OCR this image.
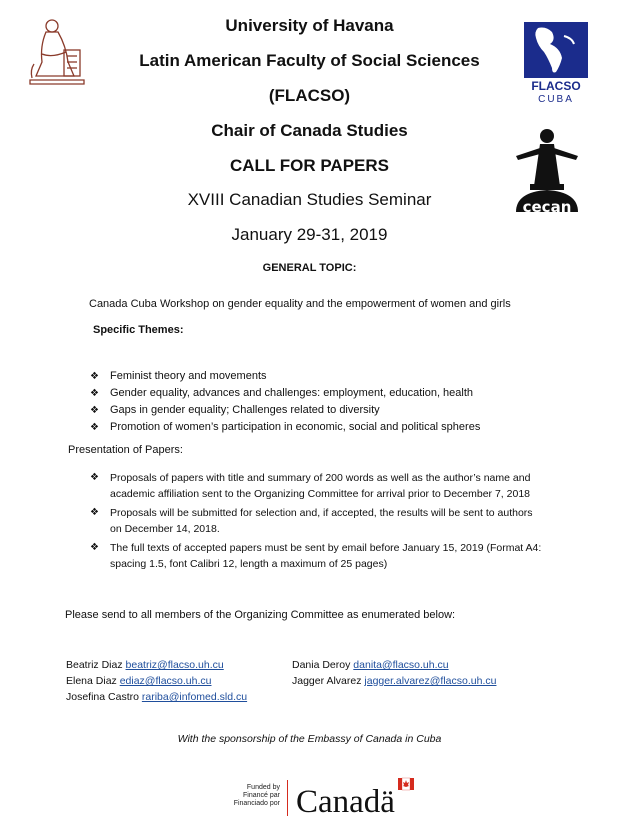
FLACSO
CUBA
cecan
University of Havana
Latin American Faculty of Social Sciences
(FLACSO)
Chair of Canada Studies
CALL FOR PAPERS
XVIII Canadian Studies Seminar
January 29-31, 2019
GENERAL TOPIC:
Canada Cuba Workshop on gender equality and the empowerment of women and girls
Specific Themes:
❖ Feminist theory and movements
❖ Gender equality, advances and challenges: employment, education, health
❖ Gaps in gender equality; Challenges related to diversity
❖ Promotion of women’s participation in economic, social and political spheres
Presentation of Papers:
❖ Proposals of papers with title and summary of 200 words as well as the author’s name and academic affiliation sent to the Organizing Committee for arrival prior to December 7, 2018
❖ Proposals will be submitted for selection and, if accepted, the results will be sent to authors on December 14, 2018.
❖ The full texts of accepted papers must be sent by email before January 15, 2019 (Format A4: spacing 1.5, font Calibri 12, length a maximum of 25 pages)
Please send to all members of the Organizing Committee as enumerated below:
Beatriz Diaz beatriz@flacso.uh.cu	Dania Deroy danita@flacso.uh.cu
Elena Diaz ediaz@flacso.uh.cu	Jagger Alvarez jagger.alvarez@flacso.uh.cu
Josefina Castro rariba@infomed.sld.cu
With the sponsorship of the Embassy of Canada in Cuba
Funded by
Financé par
Financiado por Canadä
